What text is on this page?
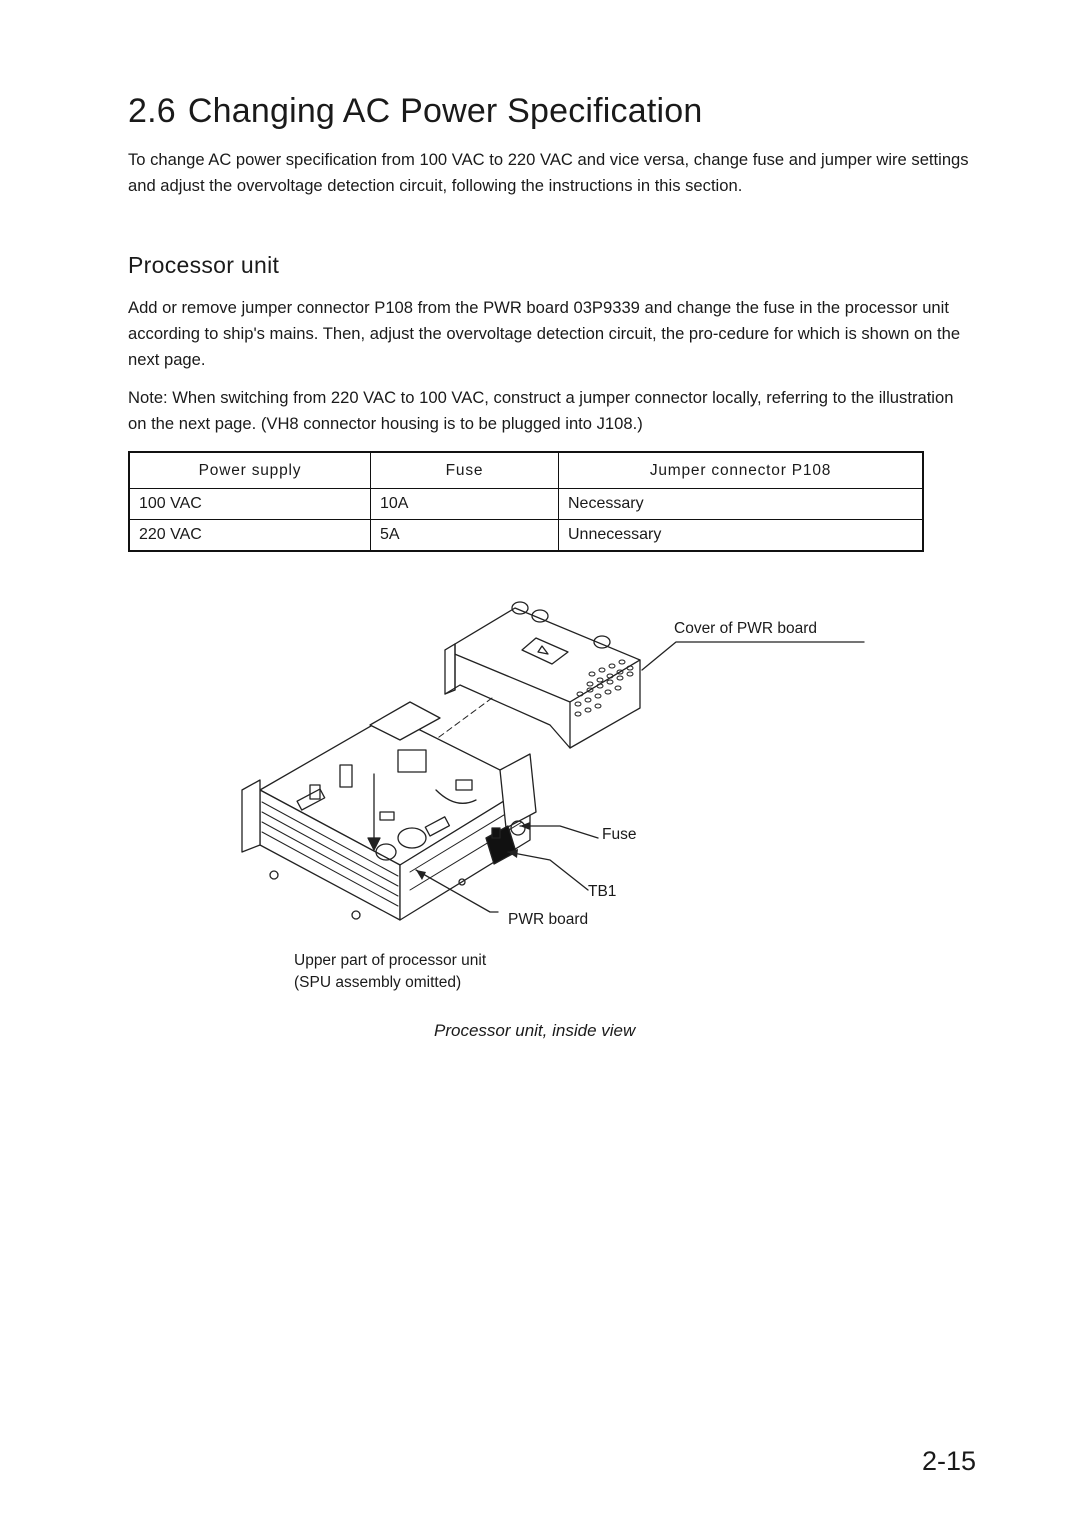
2.6 Changing AC Power Specification
To change AC power specification from 100 VAC to 220 VAC and vice versa, change fuse and jumper wire settings and adjust the overvoltage detection circuit, following the instructions in this section.
Processor unit
Add or remove jumper connector P108 from the PWR board 03P9339 and change the fuse in the processor unit according to ship's mains. Then, adjust the overvoltage detection circuit, the pro-cedure for which is shown on the next page.
Note: When switching from 220 VAC to 100 VAC, construct a jumper connector locally, referring to the illustration on the next page. (VH8 connector housing is to be plugged into J108.)
Power supply	Fuse	Jumper connector P108
100 VAC	10A	Necessary
220 VAC	5A	Unnecessary
Cover of PWR board
Fuse
TB1
PWR board
Upper part of processor unit
(SPU assembly omitted)
Processor unit, inside view
2-15
